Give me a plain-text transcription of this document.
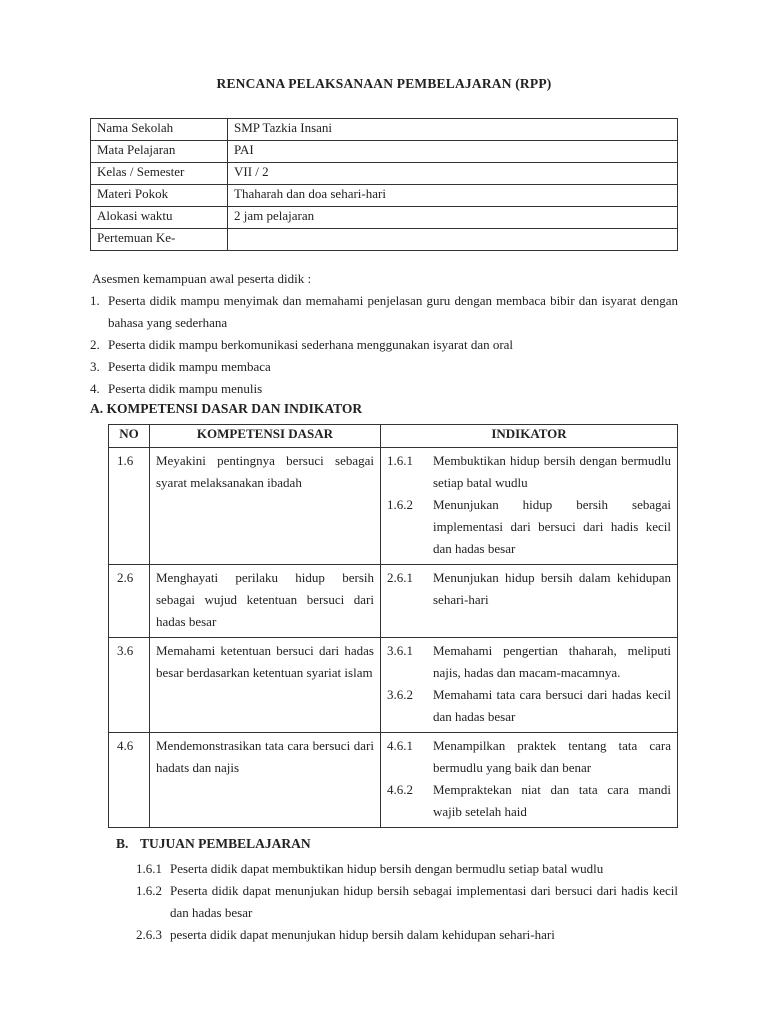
RENCANA PELAKSANAAN PEMBELAJARAN (RPP)
Nama Sekolah	SMP Tazkia Insani
Mata Pelajaran	PAI
Kelas / Semester	VII / 2
Materi Pokok	Thaharah dan doa sehari-hari
Alokasi waktu	2 jam pelajaran
Pertemuan Ke-	
Asesmen kemampuan awal peserta didik :
1. Peserta didik mampu menyimak dan memahami penjelasan guru dengan membaca bibir dan isyarat dengan bahasa yang sederhana
2. Peserta didik mampu berkomunikasi sederhana menggunakan isyarat dan oral
3. Peserta didik mampu membaca
4. Peserta didik mampu menulis
A. KOMPETENSI DASAR DAN INDIKATOR
NO	KOMPETENSI DASAR	INDIKATOR
1.6	Meyakini pentingnya bersuci sebagai syarat melaksanakan ibadah	1.6.1 Membuktikan hidup bersih dengan bermudlu setiap batal wudlu
1.6.2 Menunjukan hidup bersih sebagai implementasi dari bersuci dari hadis kecil dan hadas besar

2.6	Menghayati perilaku hidup bersih sebagai wujud ketentuan bersuci dari hadas besar	2.6.1 Menunjukan hidup bersih dalam kehidupan sehari-hari

3.6	Memahami ketentuan bersuci dari hadas besar berdasarkan ketentuan syariat islam	3.6.1 Memahami pengertian thaharah, meliputi najis, hadas dan macam-macamnya.
3.6.2 Memahami tata cara bersuci dari hadas kecil dan hadas besar

4.6	Mendemonstrasikan tata cara bersuci dari hadats dan najis	4.6.1 Menampilkan praktek tentang tata cara bermudlu yang baik dan benar
4.6.2 Mempraktekan niat dan tata cara mandi wajib setelah haid
B. TUJUAN PEMBELAJARAN
1.6.1 Peserta didik dapat membuktikan hidup bersih dengan bermudlu setiap batal wudlu
1.6.2 Peserta didik dapat menunjukan hidup bersih sebagai implementasi dari bersuci dari hadis kecil dan hadas besar
2.6.3 peserta didik dapat menunjukan hidup bersih dalam kehidupan sehari-hari
